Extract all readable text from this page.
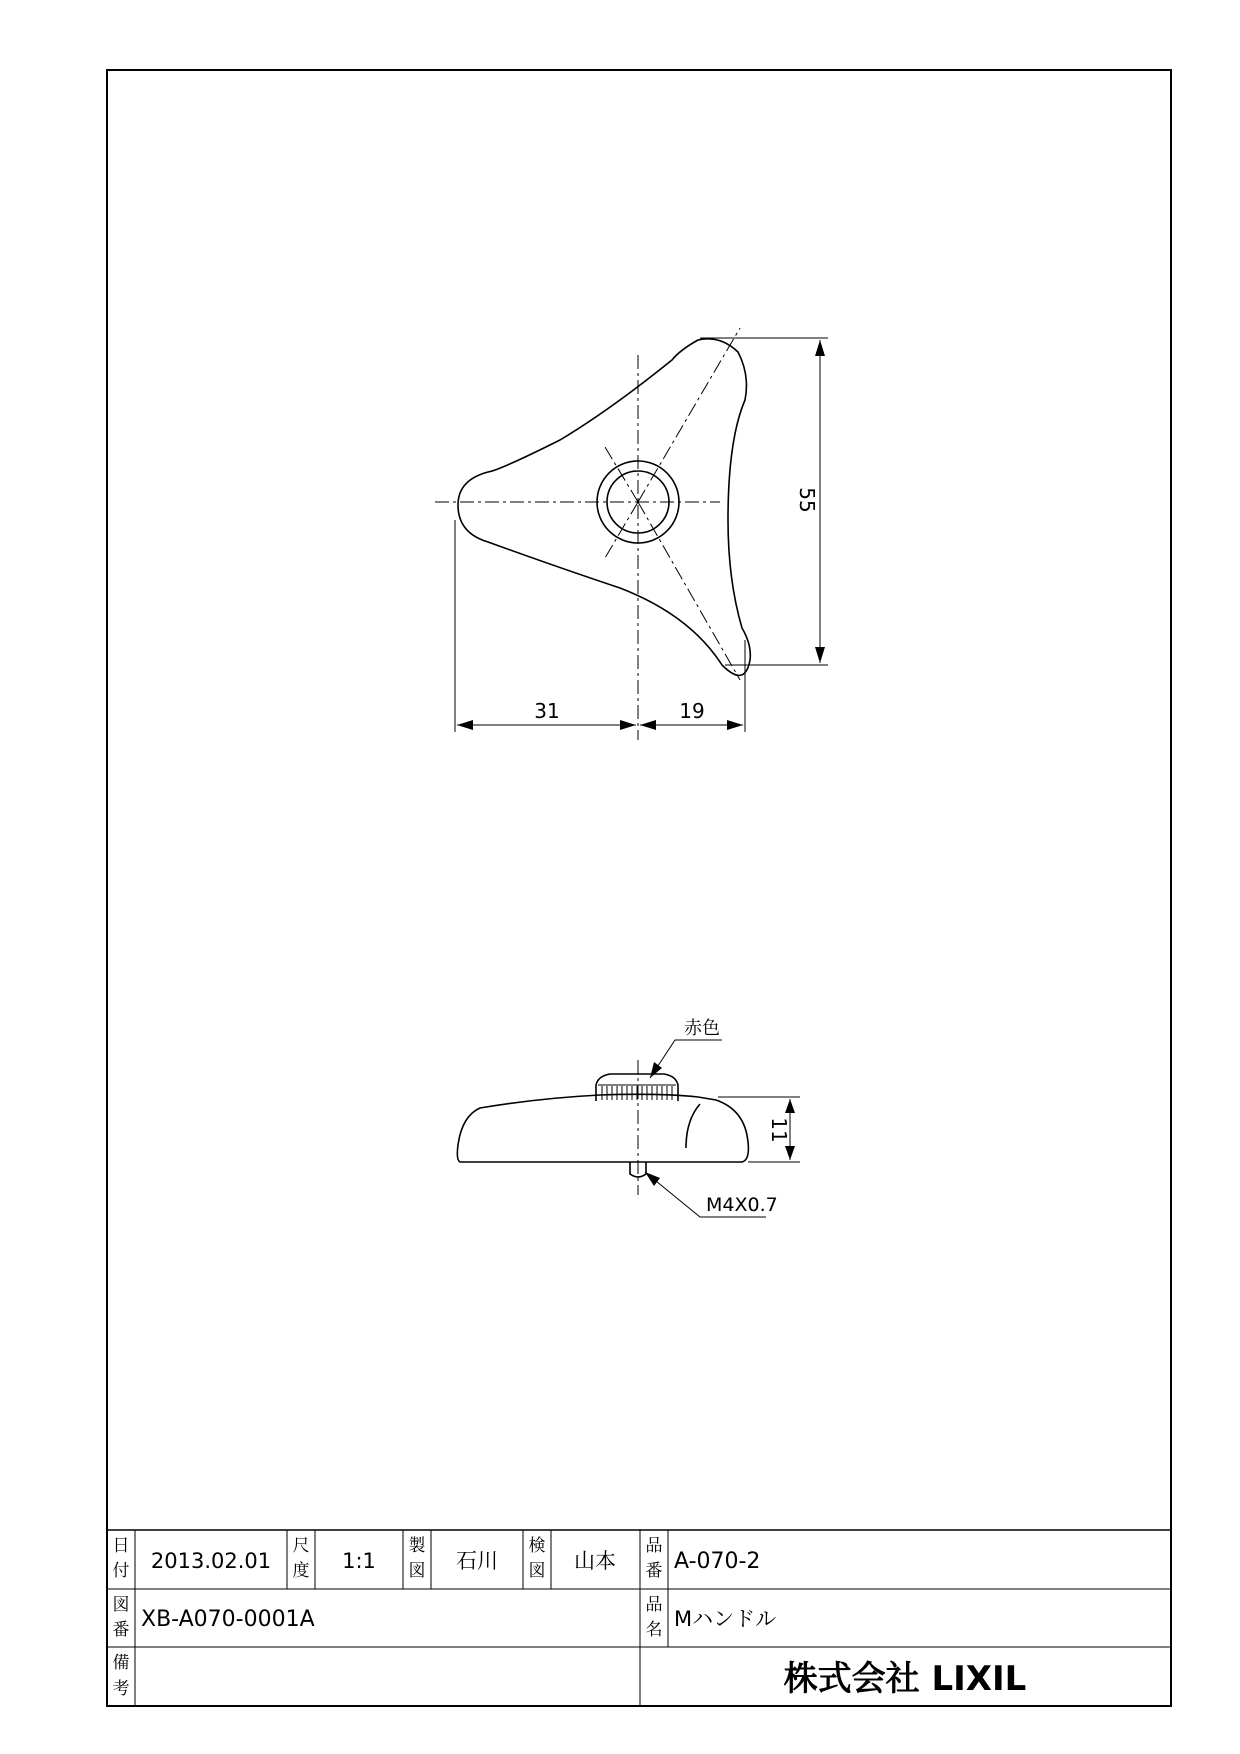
55
31	19
赤色
M4X0.7
11
日
付 2013.02.01
尺
度 1:1
製
図 石川
検
図 山本
品
番 A-070-2
図
番 XB-A070-0001A
品
名 Mハンドル
備
考	株式会社 LIXIL
